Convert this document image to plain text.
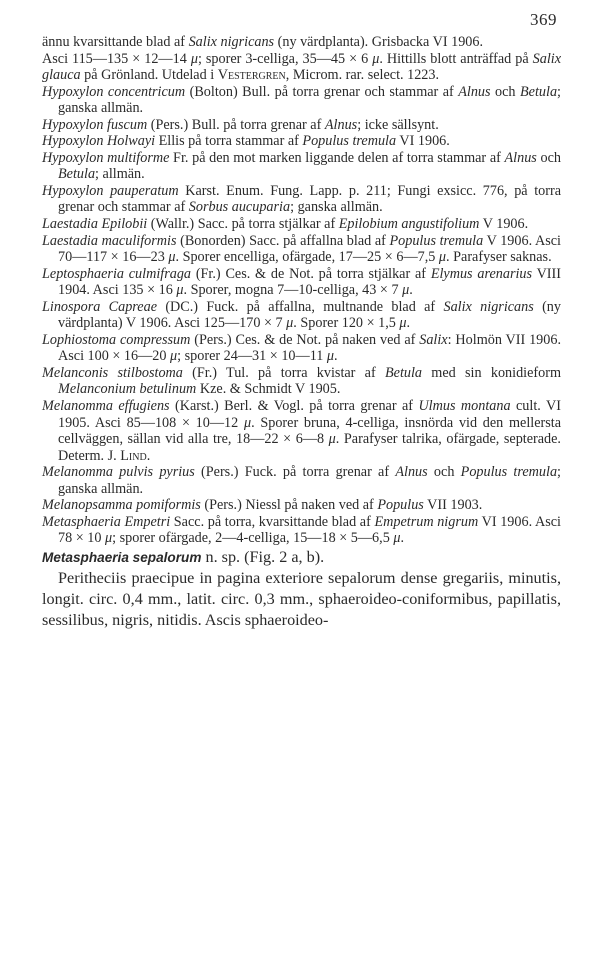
369

ännu kvarsittande blad af Salix nigricans (ny värdplanta). Grisbacka VI 1906.
Asci 115—135 × 12—14 μ; sporer 3-celliga, 35—45 × 6 μ. Hittills blott anträffad på Salix glauca på Grönland. Utdelad i Vestergren, Microm. rar. select. 1223.

Hypoxylon concentricum (Bolton) Bull. på torra grenar och stammar af Alnus och Betula; ganska allmän.

Hypoxylon fuscum (Pers.) Bull. på torra grenar af Alnus; icke sällsynt.

Hypoxylon Holwayi Ellis på torra stammar af Populus tremula VI 1906.

Hypoxylon multiforme Fr. på den mot marken liggande delen af torra stammar af Alnus och Betula; allmän.

Hypoxylon pauperatum Karst. Enum. Fung. Lapp. p. 211; Fungi exsicc. 776, på torra grenar och stammar af Sorbus aucuparia; ganska allmän.

Laestadia Epilobii (Wallr.) Sacc. på torra stjälkar af Epilobium angustifolium V 1906.

Laestadia maculiformis (Bonorden) Sacc. på affallna blad af Populus tremula V 1906. Asci 70—117 × 16—23 μ. Sporer encelliga, ofärgade, 17—25 × 6—7,5 μ. Parafyser saknas.

Leptosphaeria culmifraga (Fr.) Ces. & de Not. på torra stjälkar af Elymus arenarius VIII 1904. Asci 135 × 16 μ. Sporer, mogna 7—10-celliga, 43 × 7 μ.

Linospora Capreae (DC.) Fuck. på affallna, multnande blad af Salix nigricans (ny värdplanta) V 1906. Asci 125—170 × 7 μ. Sporer 120 × 1,5 μ.

Lophiostoma compressum (Pers.) Ces. & de Not. på naken ved af Salix: Holmön VII 1906. Asci 100 × 16—20 μ; sporer 24—31 × 10—11 μ.

Melanconis stilbostoma (Fr.) Tul. på torra kvistar af Betula med sin konidieform Melanconium betulinum Kze. & Schmidt V 1905.

Melanomma effugiens (Karst.) Berl. & Vogl. på torra grenar af Ulmus montana cult. VI 1905. Asci 85—108 × 10—12 μ. Sporer bruna, 4-celliga, insnörda vid den mellersta cellväggen, sällan vid alla tre, 18—22 × 6—8 μ. Parafyser talrika, ofärgade, septerade. Determ. J. Lind.

Melanomma pulvis pyrius (Pers.) Fuck. på torra grenar af Alnus och Populus tremula; ganska allmän.

Melanopsamma pomiformis (Pers.) Niessl på naken ved af Populus VII 1903.

Metasphaeria Empetri Sacc. på torra, kvarsittande blad af Empetrum nigrum VI 1906. Asci 78 × 10 μ; sporer ofärgade, 2—4-celliga, 15—18 × 5—6,5 μ.

Metasphaeria sepalorum n. sp. (Fig. 2 a, b).

Peritheciis praecipue in pagina exteriore sepalorum dense gregariis, minutis, longit. circ. 0,4 mm., latit. circ. 0,3 mm., sphaeroideo-coniformibus, papillatis, sessilibus, nigris, nitidis. Ascis sphaeroideo-
